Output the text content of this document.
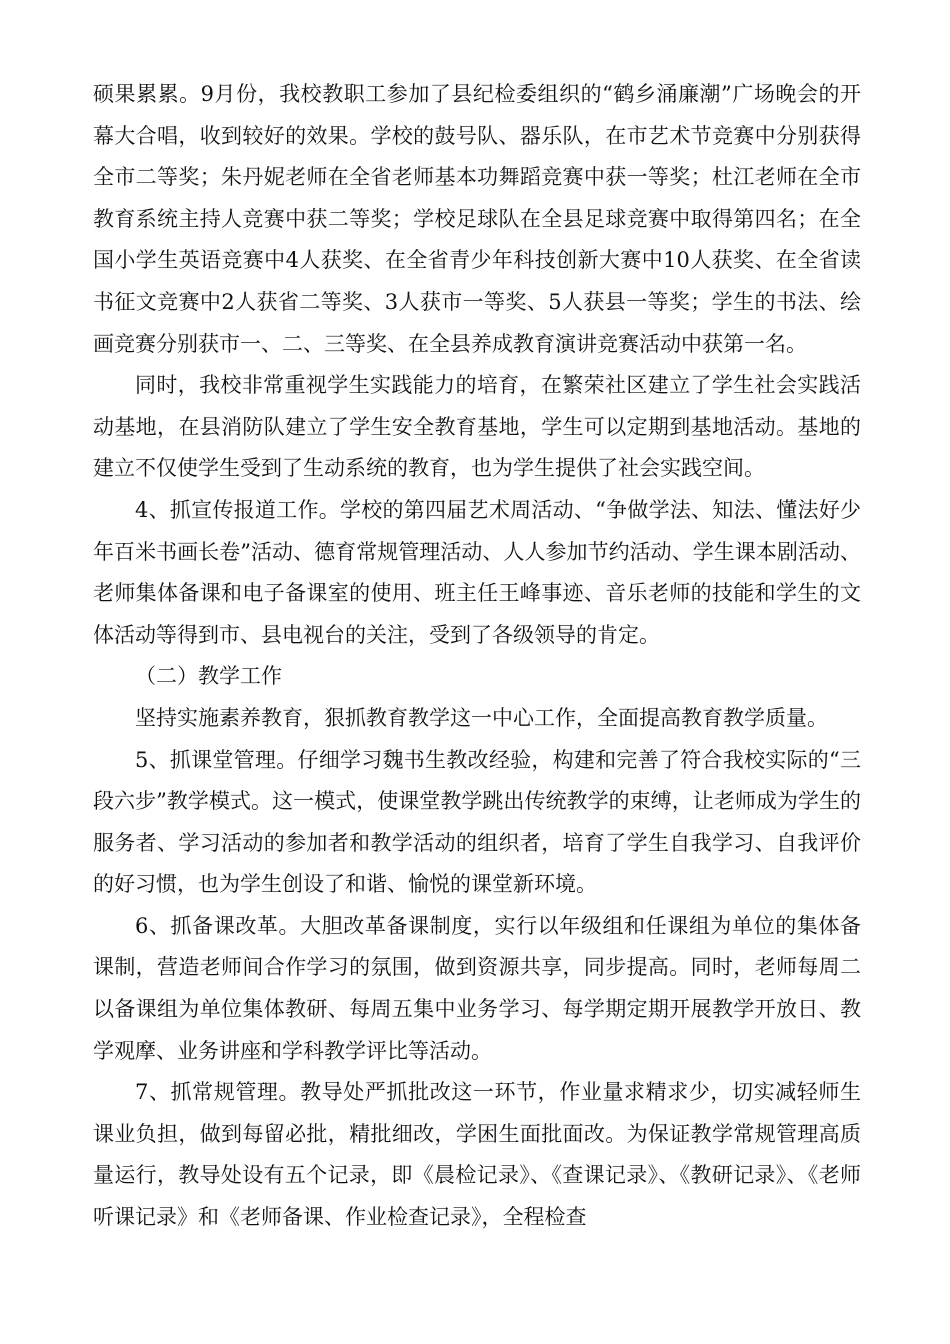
硕果累累。9月份，我校教职工参加了县纪检委组织的“鹤乡涌廉潮”广场晚会的开幕大合唱，收到较好的效果。学校的鼓号队、器乐队，在市艺术节竞赛中分别获得全市二等奖；朱丹妮老师在全省老师基本功舞蹈竞赛中获一等奖；杜江老师在全市教育系统主持人竞赛中获二等奖；学校足球队在全县足球竞赛中取得第四名；在全国小学生英语竞赛中4人获奖、在全省青少年科技创新大赛中10人获奖、在全省读书征文竞赛中2人获省二等奖、3人获市一等奖、5人获县一等奖；学生的书法、绘画竞赛分别获市一、二、三等奖、在全县养成教育演讲竞赛活动中获第一名。

同时，我校非常重视学生实践能力的培育，在繁荣社区建立了学生社会实践活动基地，在县消防队建立了学生安全教育基地，学生可以定期到基地活动。基地的建立不仅使学生受到了生动系统的教育，也为学生提供了社会实践空间。

4、抓宣传报道工作。学校的第四届艺术周活动、“争做学法、知法、懂法好少年百米书画长卷”活动、德育常规管理活动、人人参加节约活动、学生课本剧活动、老师集体备课和电子备课室的使用、班主任王峰事迹、音乐老师的技能和学生的文体活动等得到市、县电视台的关注，受到了各级领导的肯定。

（二）教学工作

坚持实施素养教育，狠抓教育教学这一中心工作，全面提高教育教学质量。

5、抓课堂管理。仔细学习魏书生教改经验，构建和完善了符合我校实际的“三段六步”教学模式。这一模式，使课堂教学跳出传统教学的束缚，让老师成为学生的服务者、学习活动的参加者和教学活动的组织者，培育了学生自我学习、自我评价的好习惯，也为学生创设了和谐、愉悦的课堂新环境。

6、抓备课改革。大胆改革备课制度，实行以年级组和任课组为单位的集体备课制，营造老师间合作学习的氛围，做到资源共享，同步提高。同时，老师每周二以备课组为单位集体教研、每周五集中业务学习、每学期定期开展教学开放日、教学观摩、业务讲座和学科教学评比等活动。

7、抓常规管理。教导处严抓批改这一环节，作业量求精求少，切实减轻师生课业负担，做到每留必批，精批细改，学困生面批面改。为保证教学常规管理高质量运行，教导处设有五个记录，即《晨检记录》、《查课记录》、《教研记录》、《老师听课记录》和《老师备课、作业检查记录》，全程检查
